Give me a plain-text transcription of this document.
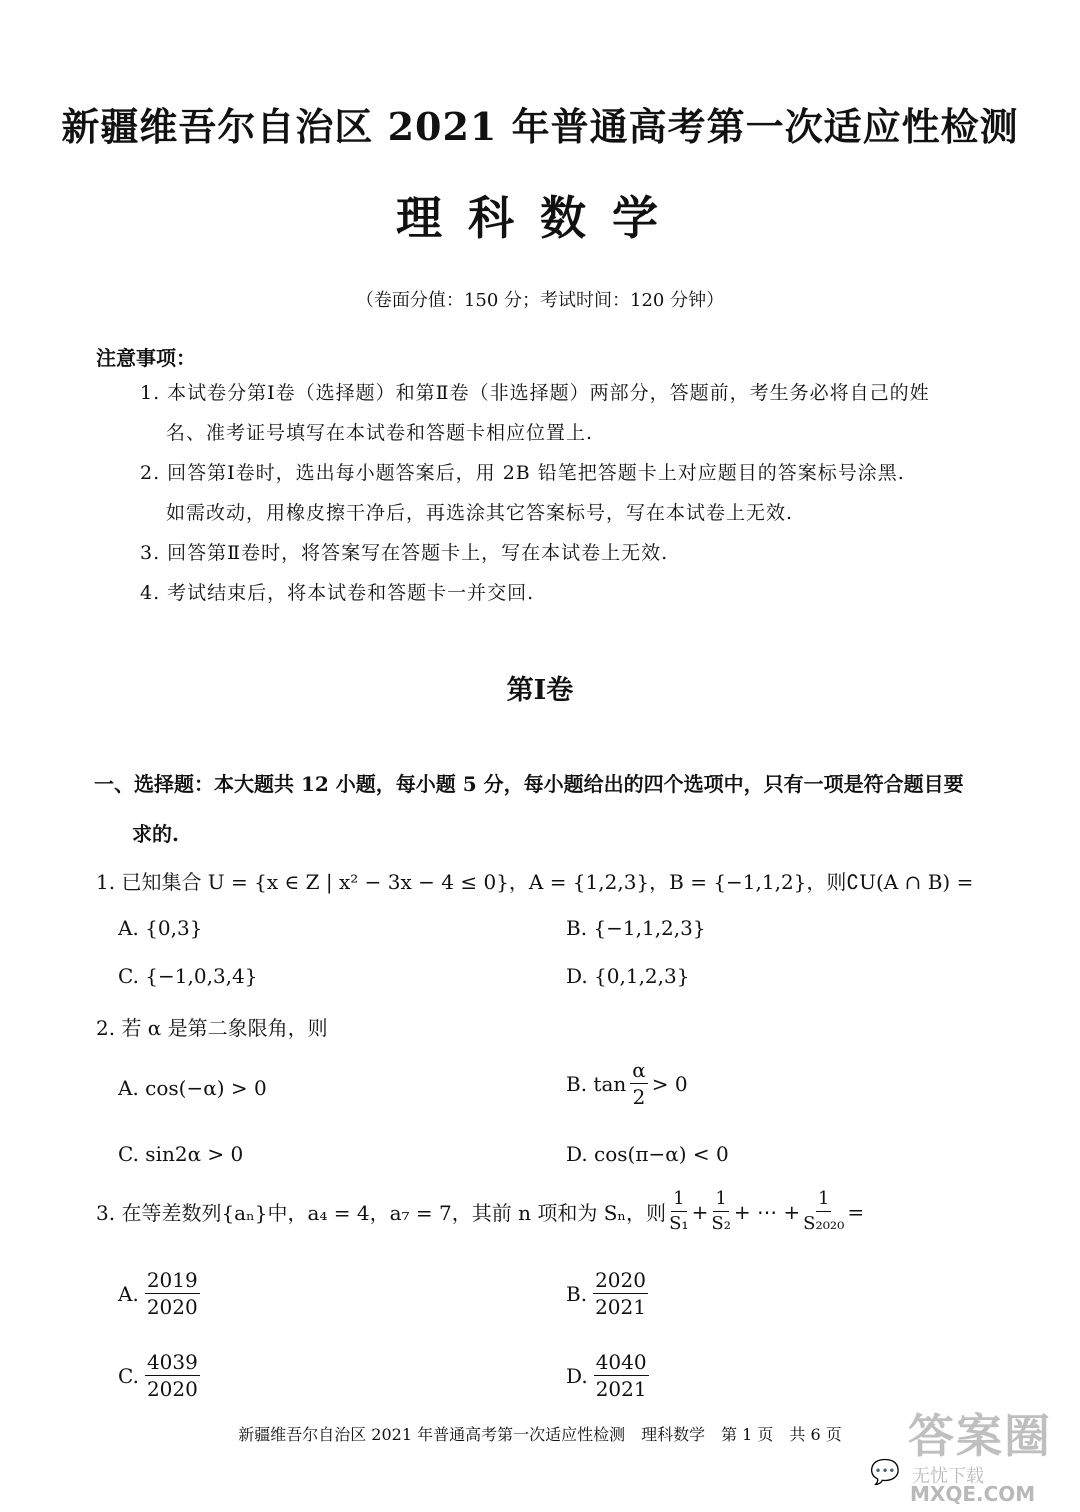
新疆维吾尔自治区 2021 年普通高考第一次适应性检测
理科数学
（卷面分值：150 分；考试时间：120 分钟）
注意事项：
1. 本试卷分第Ⅰ卷（选择题）和第Ⅱ卷（非选择题）两部分，答题前，考生务必将自己的姓
名、准考证号填写在本试卷和答题卡相应位置上.
2. 回答第Ⅰ卷时，选出每小题答案后，用 2B 铅笔把答题卡上对应题目的答案标号涂黑.
如需改动，用橡皮擦干净后，再选涂其它答案标号，写在本试卷上无效.
3. 回答第Ⅱ卷时，将答案写在答题卡上，写在本试卷上无效.
4. 考试结束后，将本试卷和答题卡一并交回.
第Ⅰ卷
一、选择题：本大题共 12 小题，每小题 5 分，每小题给出的四个选项中，只有一项是符合题目要
求的.
1. 已知集合 U = {x ∈ Z | x² − 3x − 4 ≤ 0}，A = {1,2,3}，B = {−1,1,2}，则∁U(A ∩ B) =
A. {0,3}	B. {−1,1,2,3}
C. {−1,0,3,4}	D. {0,1,2,3}
2. 若 α 是第二象限角，则
A. cos(−α) > 0	B. $\tan \frac{\alpha}{2} > 0$
C. sin2α > 0	D. cos(π−α) < 0
3. 在等差数列{aₙ}中，a₄ = 4，a₇ = 7，其前 n 项和为 Sₙ，则 $\frac{1}{\text{S₁}} + \frac{1}{\text{S₂}}$ + ⋯ + $\frac{1}{\text{S₂₀₂₀}}$ =
A. $\frac{2019}{2020}$	B. $\frac{2020}{2021}$
C. $\frac{4039}{2020}$	D. $\frac{4040}{2021}$
新疆维吾尔自治区 2021 年普通高考第一次适应性检测　理科数学　第 1 页　共 6 页
💬
答案圈
无忧下载
MXQE.COM
